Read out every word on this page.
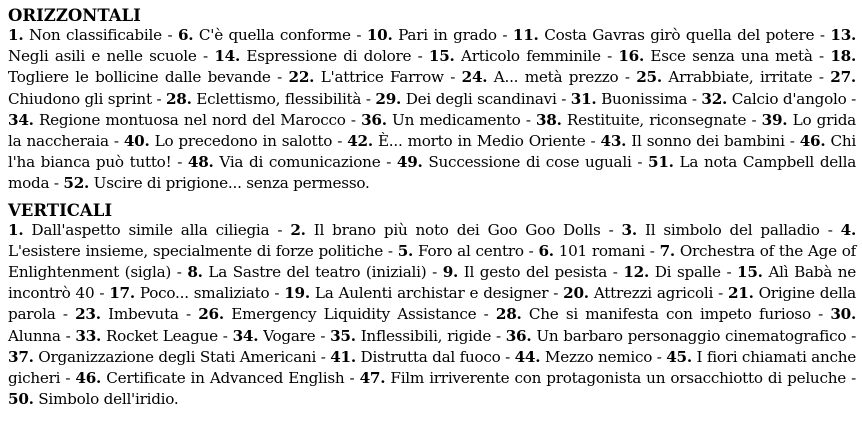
ORIZZONTALI

1. Non classificabile - 6. C'è quella conforme - 10. Pari in grado - 11. Costa Gavras girò quella del potere - 13. Negli asili e nelle scuole - 14. Espressione di dolore - 15. Articolo femminile - 16. Esce senza una metà - 18. Togliere le bollicine dalle bevande - 22. L'attrice Farrow - 24. A... metà prezzo - 25. Arrabbiate, irritate - 27. Chiudono gli sprint - 28. Eclettismo, flessibilità - 29. Dei degli scandinavi - 31. Buonissima - 32. Calcio d'angolo - 34. Regione montuosa nel nord del Marocco - 36. Un medicamento - 38. Restituite, riconsegnate - 39. Lo grida la naccheraia - 40. Lo precedono in salotto - 42. È... morto in Medio Oriente - 43. Il sonno dei bambini - 46. Chi l'ha bianca può tutto! - 48. Via di comunicazione - 49. Successione di cose uguali - 51. La nota Campbell della moda - 52. Uscire di prigione... senza permesso.

VERTICALI

1. Dall'aspetto simile alla ciliegia - 2. Il brano più noto dei Goo Goo Dolls - 3. Il simbolo del palladio - 4. L'esistere insieme, specialmente di forze politiche - 5. Foro al centro - 6. 101 romani - 7. Orchestra of the Age of Enlightenment (sigla) - 8. La Sastre del teatro (iniziali) - 9. Il gesto del pesista - 12. Di spalle - 15. Alì Babà ne incontrò 40 - 17. Poco... smaliziato - 19. La Aulenti archistar e designer - 20. Attrezzi agricoli - 21. Origine della parola - 23. Imbevuta - 26. Emergency Liquidity Assistance - 28. Che si manifesta con impeto furioso - 30. Alunna - 33. Rocket League - 34. Vogare - 35. Inflessibili, rigide - 36. Un barbaro personaggio cinematografico - 37. Organizzazione degli Stati Americani - 41. Distrutta dal fuoco - 44. Mezzo nemico - 45. I fiori chiamati anche gicheri - 46. Certificate in Advanced English - 47. Film irriverente con protagonista un orsacchiotto di peluche - 50. Simbolo dell'iridio.
